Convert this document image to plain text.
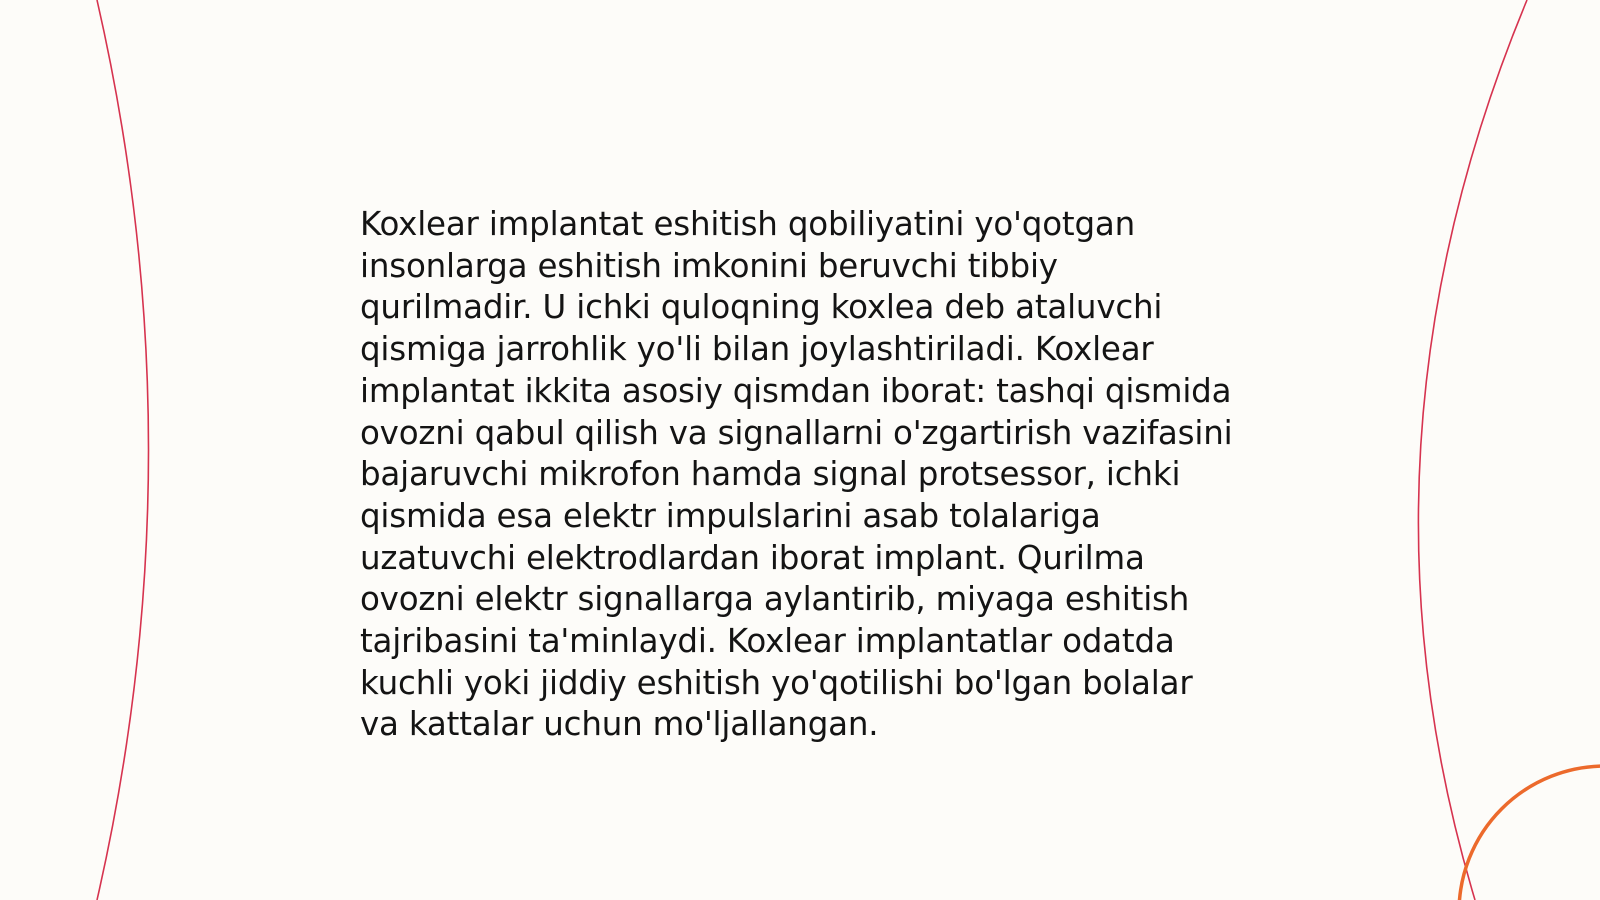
Koxlear implantat eshitish qobiliyatini yo'qotgan
insonlarga eshitish imkonini beruvchi tibbiy
qurilmadir. U ichki quloqning koxlea deb ataluvchi
qismiga jarrohlik yo'li bilan joylashtiriladi. Koxlear
implantat ikkita asosiy qismdan iborat: tashqi qismida
ovozni qabul qilish va signallarni o'zgartirish vazifasini
bajaruvchi mikrofon hamda signal protsessor, ichki
qismida esa elektr impulslarini asab tolalariga
uzatuvchi elektrodlardan iborat implant. Qurilma
ovozni elektr signallarga aylantirib, miyaga eshitish
tajribasini ta'minlaydi. Koxlear implantatlar odatda
kuchli yoki jiddiy eshitish yo'qotilishi bo'lgan bolalar
va kattalar uchun mo'ljallangan.
